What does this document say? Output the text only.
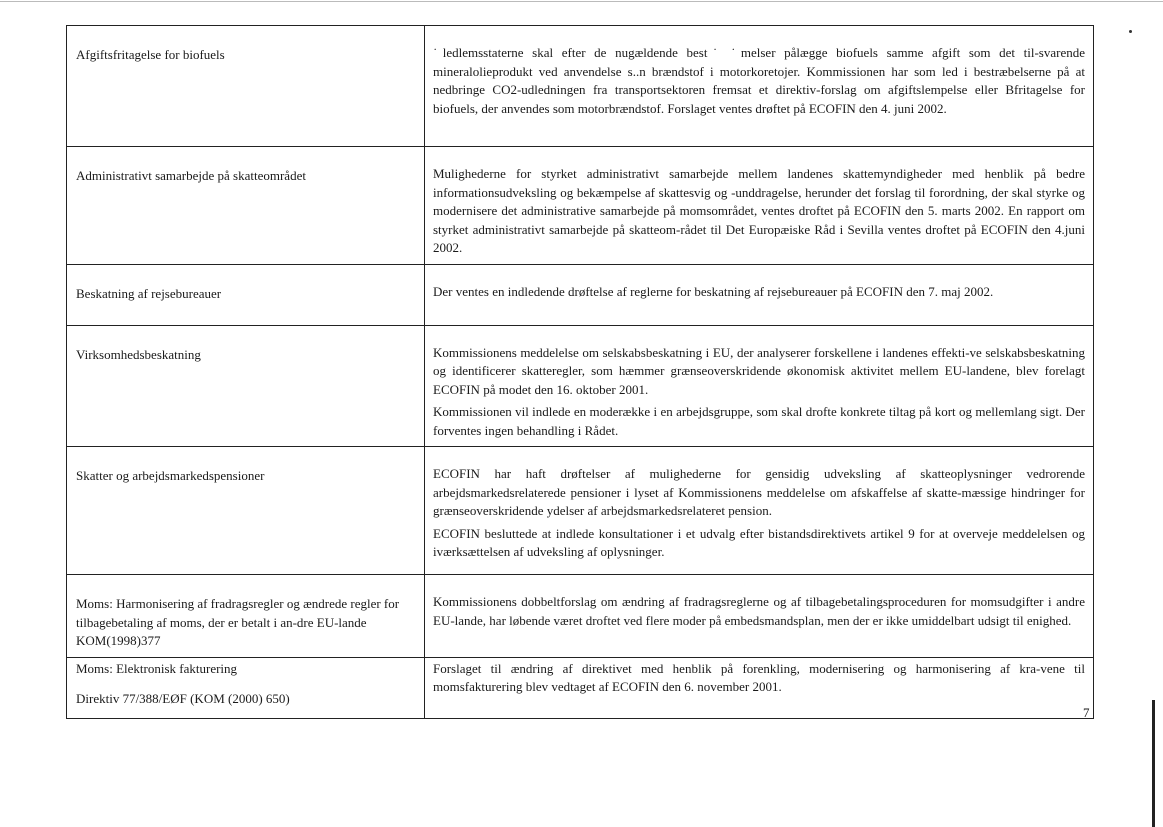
Afgiftsfritagelse for biofuels	˙ledlemsstaterne skal efter de nugældende best˙ ˙melser pålægge biofuels samme afgift som det til-svarende mineralolieprodukt ved anvendelse s..n brændstof i motorkoretojer. Kommissionen har som led i bestræbelserne på at nedbringe CO2-udledningen fra transportsektoren fremsat et direktiv-forslag om afgiftslempelse eller Bfritagelse for biofuels, der anvendes som motorbrændstof. Forslaget ventes drøftet på ECOFIN den 4. juni 2002.

Administrativt samarbejde på skatteområdet	Mulighederne for styrket administrativt samarbejde mellem landenes skattemyndigheder med henblik på bedre informationsudveksling og bekæmpelse af skattesvig og -unddragelse, herunder det forslag til forordning, der skal styrke og modernisere det administrative samarbejde på momsområdet, ventes droftet på ECOFIN den 5. marts 2002. En rapport om styrket administrativt samarbejde på skatteom-rådet til Det Europæiske Råd i Sevilla ventes droftet på ECOFIN den 4.juni 2002.

Beskatning af rejsebureauer	Der ventes en indledende drøftelse af reglerne for beskatning af rejsebureauer på ECOFIN den 7. maj 2002.

Virksomhedsbeskatning	Kommissionens meddelelse om selskabsbeskatning i EU, der analyserer forskellene i landenes effekti-ve selskabsbeskatning og identificerer skatteregler, som hæmmer grænseoverskridende økonomisk aktivitet mellem EU-landene, blev forelagt ECOFIN på modet den 16. oktober 2001.

Kommissionen vil indlede en moderække i en arbejdsgruppe, som skal drofte konkrete tiltag på kort og mellemlang sigt. Der forventes ingen behandling i Rådet.

Skatter og arbejdsmarkedspensioner	ECOFIN har haft drøftelser af mulighederne for gensidig udveksling af skatteoplysninger vedrorende arbejdsmarkedsrelaterede pensioner i lyset af Kommissionens meddelelse om afskaffelse af skatte-mæssige hindringer for grænseoverskridende ydelser af arbejdsmarkedsrelateret pension.

ECOFIN besluttede at indlede konsultationer i et udvalg efter bistandsdirektivets artikel 9 for at overveje meddelelsen og iværksættelsen af udveksling af oplysninger.

Moms: Harmonisering af fradragsregler og ændrede regler for tilbagebetaling af moms, der er betalt i an-dre EU-lande KOM(1998)377	Kommissionens dobbeltforslag om ændring af fradragsreglerne og af tilbagebetalingsproceduren for momsudgifter i andre EU-lande, har løbende været droftet ved flere moder på embedsmandsplan, men der er ikke umiddelbart udsigt til enighed.

Moms: Elektronisk fakturering
Direktiv 77/388/EØF (KOM (2000) 650)	Forslaget til ændring af direktivet med henblik på forenkling, modernisering og harmonisering af kra-vene til momsfakturering blev vedtaget af ECOFIN den 6. november 2001.

7
